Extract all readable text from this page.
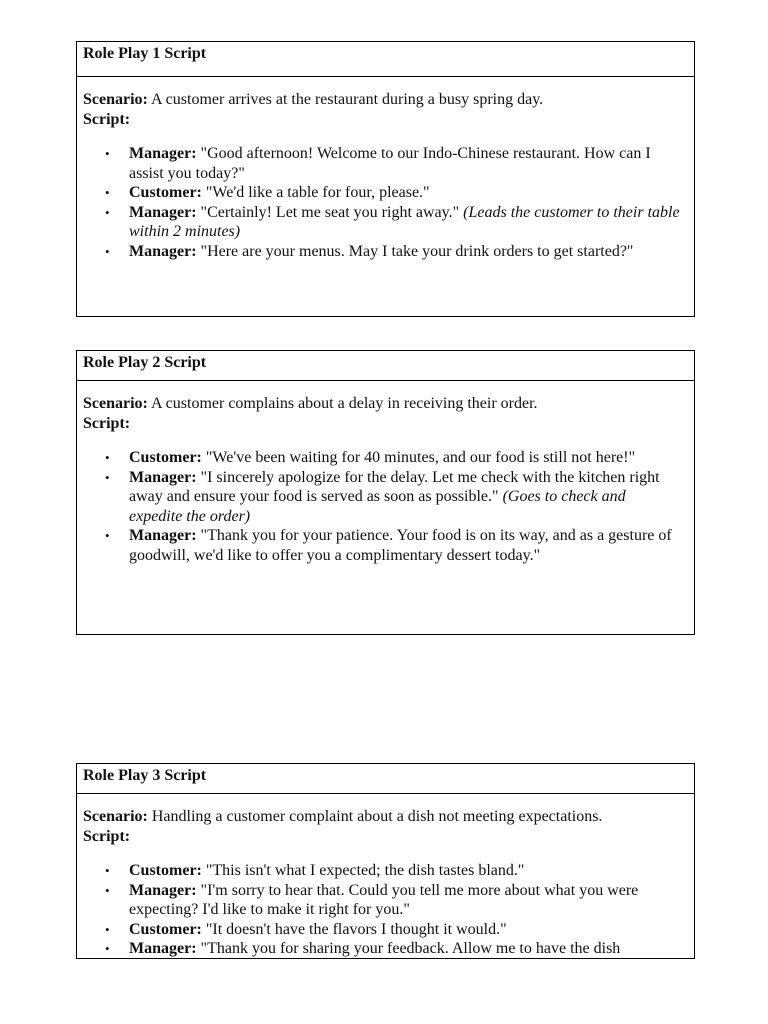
Role Play 1 Script

Scenario: A customer arrives at the restaurant during a busy spring day.

Script:

• Manager: "Good afternoon! Welcome to our Indo-Chinese restaurant. How can I assist you today?"
• Customer: "We'd like a table for four, please."
• Manager: "Certainly! Let me seat you right away." (Leads the customer to their table within 2 minutes)
• Manager: "Here are your menus. May I take your drink orders to get started?"
Role Play 2 Script

Scenario: A customer complains about a delay in receiving their order.

Script:

• Customer: "We've been waiting for 40 minutes, and our food is still not here!"
• Manager: "I sincerely apologize for the delay. Let me check with the kitchen right away and ensure your food is served as soon as possible." (Goes to check and expedite the order)
• Manager: "Thank you for your patience. Your food is on its way, and as a gesture of goodwill, we'd like to offer you a complimentary dessert today."
Role Play 3 Script

Scenario: Handling a customer complaint about a dish not meeting expectations.

Script:

• Customer: "This isn't what I expected; the dish tastes bland."
• Manager: "I'm sorry to hear that. Could you tell me more about what you were expecting? I'd like to make it right for you."
• Customer: "It doesn't have the flavors I thought it would."
• Manager: "Thank you for sharing your feedback. Allow me to have the dish
